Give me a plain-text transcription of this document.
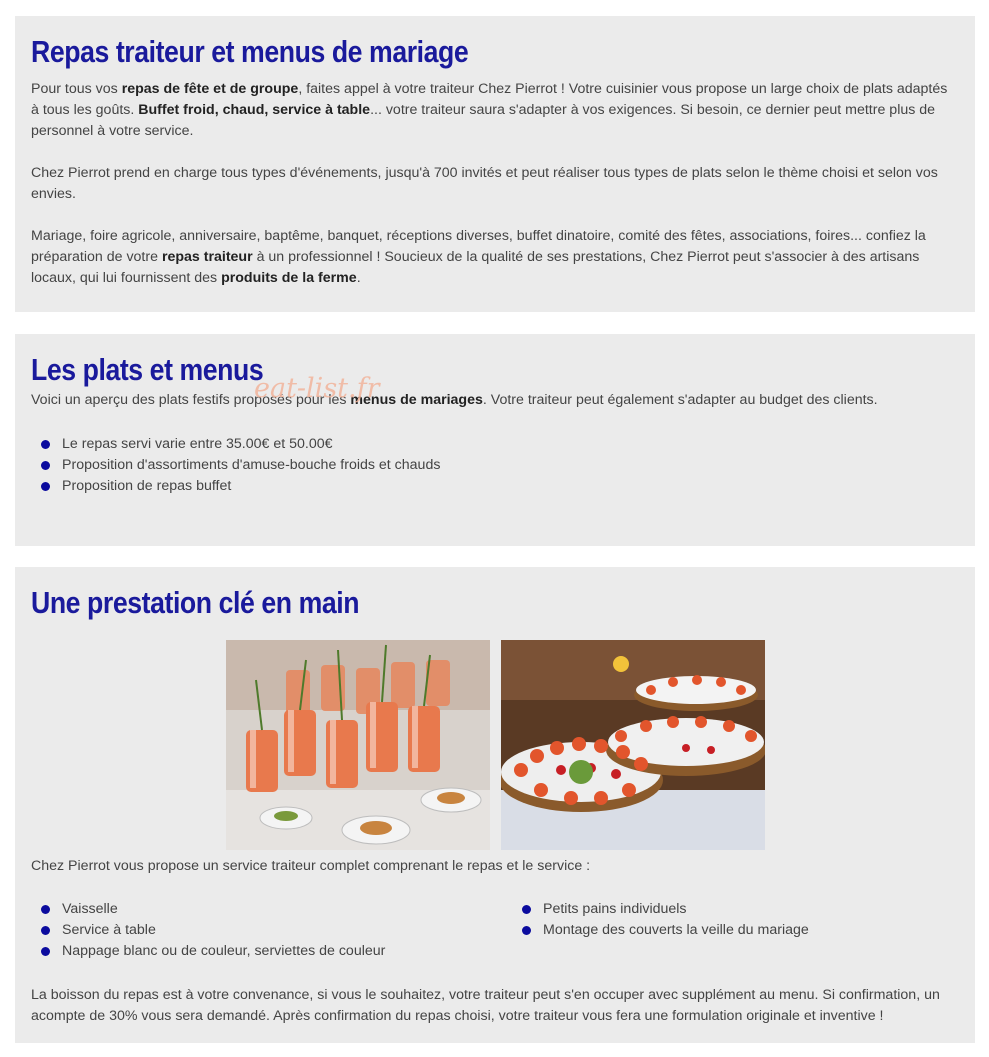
Repas traiteur et menus de mariage

Pour tous vos repas de fête et de groupe, faites appel à votre traiteur Chez Pierrot ! Votre cuisinier vous propose un large choix de plats adaptés à tous les goûts. Buffet froid, chaud, service à table... votre traiteur saura s'adapter à vos exigences. Si besoin, ce dernier peut mettre plus de personnel à votre service.

Chez Pierrot prend en charge tous types d'événements, jusqu'à 700 invités et peut réaliser tous types de plats selon le thème choisi et selon vos envies.

Mariage, foire agricole, anniversaire, baptême, banquet, réceptions diverses, buffet dinatoire, comité des fêtes, associations, foires... confiez la préparation de votre repas traiteur à un professionnel ! Soucieux de la qualité de ses prestations, Chez Pierrot peut s'associer à des artisans locaux, qui lui fournissent des produits de la ferme.

Les plats et menus

Voici un aperçu des plats festifs proposés pour les menus de mariages. Votre traiteur peut également s'adapter au budget des clients.

Le repas servi varie entre 35.00€ et 50.00€
Proposition d'assortiments d'amuse-bouche froids et chauds
Proposition de repas buffet
eat-list.fr
Une prestation clé en main

Chez Pierrot vous propose un service traiteur complet comprenant le repas et le service :

Vaisselle
Service à table
Nappage blanc ou de couleur, serviettes de couleur
Petits pains individuels
Montage des couverts la veille du mariage

La boisson du repas est à votre convenance, si vous le souhaitez, votre traiteur peut s'en occuper avec supplément au menu. Si confirmation, un acompte de 30% vous sera demandé. Après confirmation du repas choisi, votre traiteur vous fera une formulation originale et inventive !
